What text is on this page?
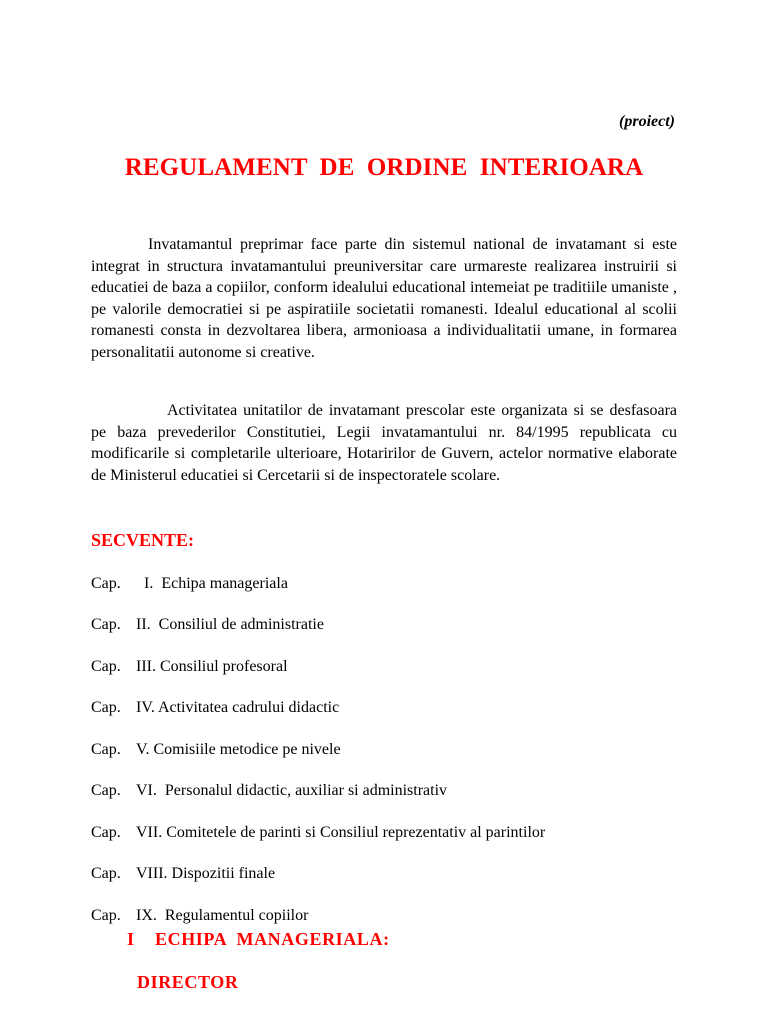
(proiect)
REGULAMENT DE ORDINE INTERIOARA

Invatamantul preprimar face parte din sistemul national de invatamant si este integrat in structura invatamantului preuniversitar care urmareste realizarea instruirii si educatiei de baza a copiilor, conform idealului educational intemeiat pe traditiile umaniste , pe valorile democratiei si pe aspiratiile societatii romanesti. Idealul educational al scolii romanesti consta in dezvoltarea libera, armonioasa a individualitatii umane, in formarea personalitatii autonome si creative.

Activitatea unitatilor de invatamant prescolar este organizata si se desfasoara pe baza prevederilor Constitutiei, Legii invatamantului nr. 84/1995 republicata cu modificarile si completarile ulterioare, Hotaririlor de Guvern, actelor normative elaborate de Ministerul educatiei si Cercetarii si de inspectoratele scolare.

SECVENTE:
Cap.  I.  Echipa manageriala
Cap. II.  Consiliul de administratie
Cap. III. Consiliul profesoral
Cap. IV. Activitatea cadrului didactic
Cap. V. Comisiile metodice pe nivele
Cap. VI.  Personalul didactic, auxiliar si administrativ
Cap. VII. Comitetele de parinti si Consiliul reprezentativ al parintilor
Cap. VIII. Dispozitii finale
Cap. IX.  Regulamentul copiilor
I    ECHIPA  MANAGERIALA:
DIRECTOR
